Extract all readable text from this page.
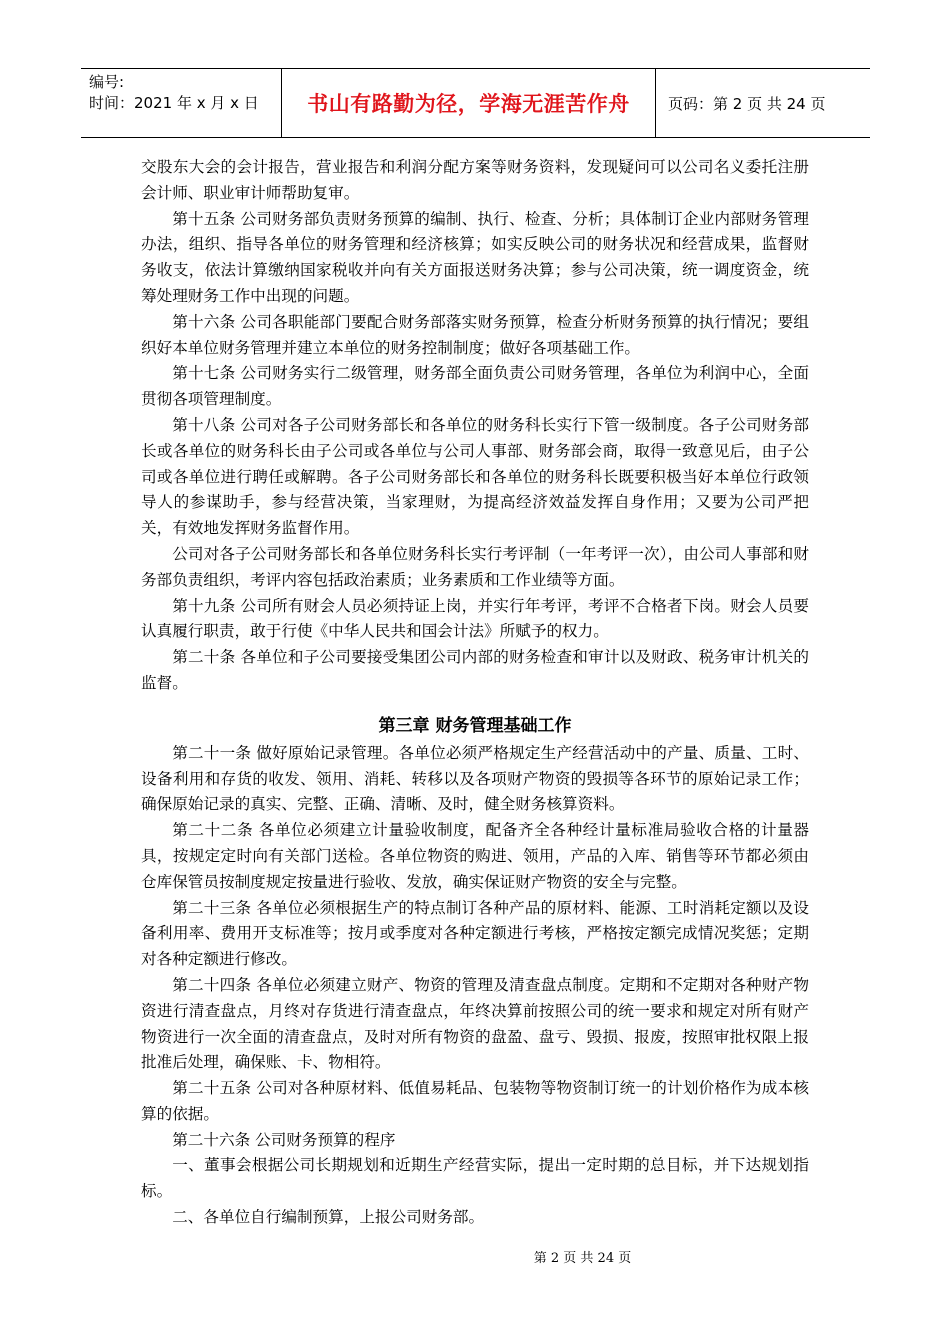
编号:
时间：2021 年 x 月 x 日	书山有路勤为径，学海无涯苦作舟	页码：第 2 页 共 24 页

交股东大会的会计报告，营业报告和利润分配方案等财务资料，发现疑问可以公司名义委托注册会计师、职业审计师帮助复审。

第十五条 公司财务部负责财务预算的编制、执行、检查、分析；具体制订企业内部财务管理办法，组织、指导各单位的财务管理和经济核算；如实反映公司的财务状况和经营成果，监督财务收支，依法计算缴纳国家税收并向有关方面报送财务决算；参与公司决策，统一调度资金，统筹处理财务工作中出现的问题。

第十六条 公司各职能部门要配合财务部落实财务预算，检查分析财务预算的执行情况；要组织好本单位财务管理并建立本单位的财务控制制度；做好各项基础工作。

第十七条 公司财务实行二级管理，财务部全面负责公司财务管理，各单位为利润中心，全面贯彻各项管理制度。

第十八条 公司对各子公司财务部长和各单位的财务科长实行下管一级制度。各子公司财务部长或各单位的财务科长由子公司或各单位与公司人事部、财务部会商，取得一致意见后，由子公司或各单位进行聘任或解聘。各子公司财务部长和各单位的财务科长既要积极当好本单位行政领导人的参谋助手，参与经营决策，当家理财，为提高经济效益发挥自身作用；又要为公司严把关，有效地发挥财务监督作用。

公司对各子公司财务部长和各单位财务科长实行考评制（一年考评一次），由公司人事部和财务部负责组织，考评内容包括政治素质；业务素质和工作业绩等方面。

第十九条 公司所有财会人员必须持证上岗，并实行年考评，考评不合格者下岗。财会人员要认真履行职责，敢于行使《中华人民共和国会计法》所赋予的权力。

第二十条 各单位和子公司要接受集团公司内部的财务检查和审计以及财政、税务审计机关的监督。

第三章 财务管理基础工作

第二十一条 做好原始记录管理。各单位必须严格规定生产经营活动中的产量、质量、工时、设备利用和存货的收发、领用、消耗、转移以及各项财产物资的毁损等各环节的原始记录工作；确保原始记录的真实、完整、正确、清晰、及时，健全财务核算资料。

第二十二条 各单位必须建立计量验收制度，配备齐全各种经计量标准局验收合格的计量器具，按规定定时向有关部门送检。各单位物资的购进、领用，产品的入库、销售等环节都必须由仓库保管员按制度规定按量进行验收、发放，确实保证财产物资的安全与完整。

第二十三条 各单位必须根据生产的特点制订各种产品的原材料、能源、工时消耗定额以及设备利用率、费用开支标准等；按月或季度对各种定额进行考核，严格按定额完成情况奖惩；定期对各种定额进行修改。

第二十四条 各单位必须建立财产、物资的管理及清查盘点制度。定期和不定期对各种财产物资进行清查盘点，月终对存货进行清查盘点，年终决算前按照公司的统一要求和规定对所有财产物资进行一次全面的清查盘点，及时对所有物资的盘盈、盘亏、毁损、报废，按照审批权限上报批准后处理，确保账、卡、物相符。

第二十五条 公司对各种原材料、低值易耗品、包装物等物资制订统一的计划价格作为成本核算的依据。

第二十六条 公司财务预算的程序

一、董事会根据公司长期规划和近期生产经营实际，提出一定时期的总目标，并下达规划指标。

二、各单位自行编制预算，上报公司财务部。

第 2 页 共 24 页
